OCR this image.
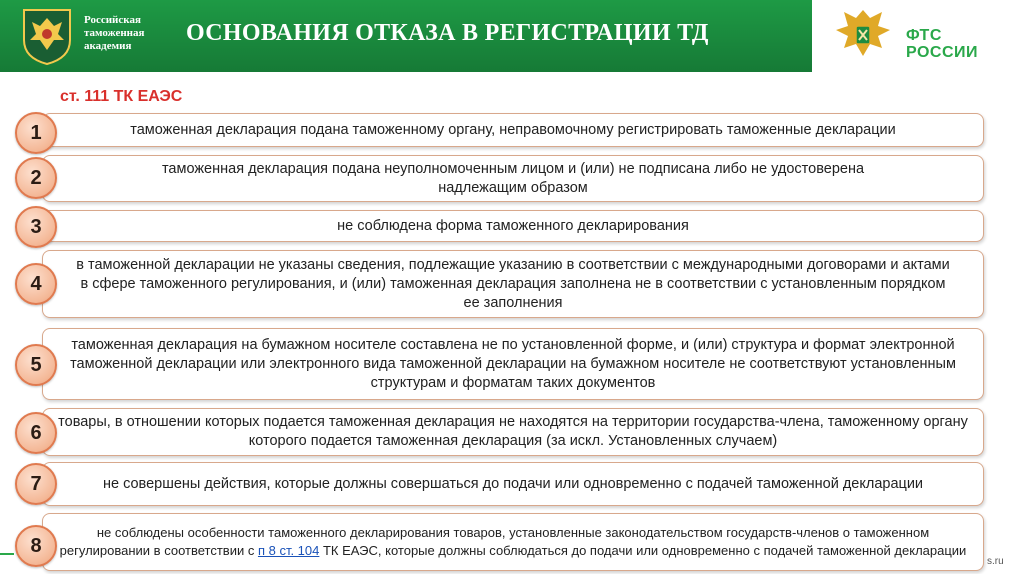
Российская
таможенная
академия	ОСНОВАНИЯ ОТКАЗА В РЕГИСТРАЦИИ ТД	ФТС
РОССИИ
ст. 111 ТК ЕАЭС
таможенная декларация подана таможенному органу, неправомочному регистрировать таможенные декларации
1
таможенная декларация подана неуполномоченным лицом и (или) не подписана либо не удостоверена надлежащим образом
2
не соблюдена форма таможенного декларирования
3
в таможенной декларации не указаны сведения, подлежащие указанию в соответствии с международными договорами и актами в сфере таможенного регулирования, и (или) таможенная декларация заполнена не в соответствии с установленным порядком ее заполнения
4
таможенная декларация на бумажном носителе составлена не по установленной форме, и (или) структура и формат электронной таможенной декларации или электронного вида таможенной декларации на бумажном носителе не соответствуют установленным структурам и форматам таких документов
5
товары, в отношении которых подается таможенная декларация не находятся на территории государства-члена, таможенному органу которого подается таможенная декларация (за искл. Установленных случаем)
6
не совершены действия, которые должны совершаться до подачи или одновременно с подачей таможенной декларации
7
не соблюдены особенности таможенного декларирования товаров, установленные законодательством государств-членов о таможенном регулировании в соответствии с п 8 ст. 104 ТК ЕАЭС, которые должны соблюдаться до подачи или одновременно с подачей таможенной декларации
8
s.ru
